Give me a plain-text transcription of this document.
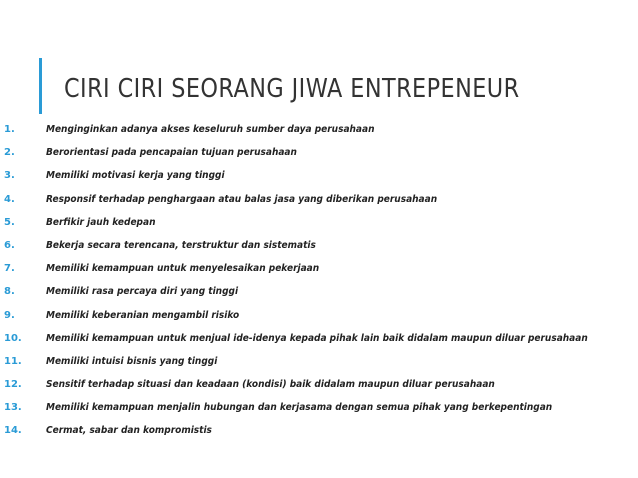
CIRI CIRI SEORANG JIWA ENTREPENEUR
1.	Menginginkan adanya akses keseluruh sumber daya perusahaan
2.	Berorientasi pada pencapaian tujuan perusahaan
3.	Memiliki motivasi kerja yang tinggi
4.	Responsif terhadap penghargaan atau balas jasa yang diberikan perusahaan
5.	Berfikir jauh kedepan
6.	Bekerja secara terencana, terstruktur dan sistematis
7.	Memiliki kemampuan untuk menyelesaikan pekerjaan
8.	Memiliki rasa percaya diri yang tinggi
9.	Memiliki keberanian mengambil risiko
10. Memiliki kemampuan untuk menjual ide-idenya kepada pihak lain baik didalam maupun diluar perusahaan
11. Memiliki intuisi bisnis yang tinggi
12. Sensitif terhadap situasi dan keadaan (kondisi) baik didalam maupun diluar perusahaan
13. Memiliki kemampuan menjalin hubungan dan kerjasama dengan semua pihak yang berkepentingan
14. Cermat, sabar dan kompromistis
